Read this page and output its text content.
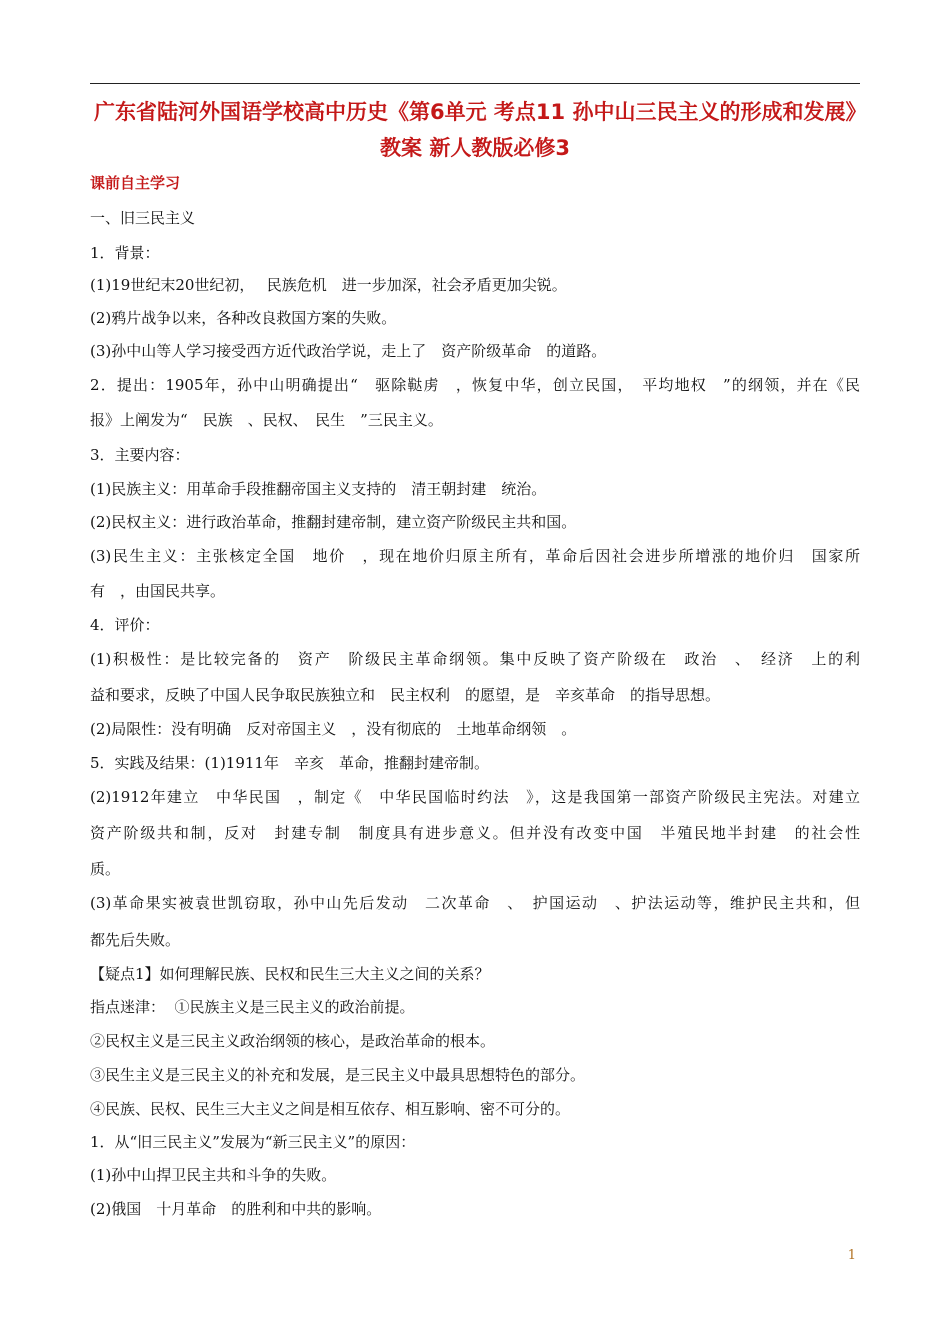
广东省陆河外国语学校高中历史《第6单元 考点11 孙中山三民主义的形成和发展》教案 新人教版必修3
课前自主学习
一、旧三民主义
1．背景：
(1)19世纪末20世纪初，　 民族危机　进一步加深，社会矛盾更加尖锐。
(2)鸦片战争以来，各种改良救国方案的失败。
(3)孙中山等人学习接受西方近代政治学说，走上了　资产阶级革命　的道路。
2．提出：1905年，孙中山明确提出“　驱除鞑虏　，恢复中华，创立民国，　平均地权　”的纲领，并在《民
报》上阐发为“　民族　、民权、　民生　”三民主义。
3．主要内容：
(1)民族主义：用革命手段推翻帝国主义支持的　清王朝封建　统治。
(2)民权主义：进行政治革命，推翻封建帝制，建立资产阶级民主共和国。
(3)民生主义：主张核定全国　地价　，现在地价归原主所有，革命后因社会进步所增涨的地价归　国家所
有　，由国民共享。
4．评价：
(1)积极性：是比较完备的　资产　阶级民主革命纲领。集中反映了资产阶级在　政治　、　经济　上的利
益和要求，反映了中国人民争取民族独立和　民主权利　的愿望，是　辛亥革命　的指导思想。
(2)局限性：没有明确　反对帝国主义　，没有彻底的　土地革命纲领　。
5．实践及结果：(1)1911年　辛亥　革命，推翻封建帝制。
(2)1912年建立　中华民国　，制定《　中华民国临时约法　》，这是我国第一部资产阶级民主宪法。对建立
资产阶级共和制，反对　封建专制　制度具有进步意义。但并没有改变中国　半殖民地半封建　的社会性
质。
(3)革命果实被袁世凯窃取，孙中山先后发动　二次革命　、　护国运动　、护法运动等，维护民主共和，但
都先后失败。
【疑点1】如何理解民族、民权和民生三大主义之间的关系？
指点迷津：  ①民族主义是三民主义的政治前提。
②民权主义是三民主义政治纲领的核心，是政治革命的根本。
③民生主义是三民主义的补充和发展，是三民主义中最具思想特色的部分。
④民族、民权、民生三大主义之间是相互依存、相互影响、密不可分的。
1．从“旧三民主义”发展为“新三民主义”的原因：
(1)孙中山捍卫民主共和斗争的失败。
(2)俄国　十月革命　的胜利和中共的影响。
1
